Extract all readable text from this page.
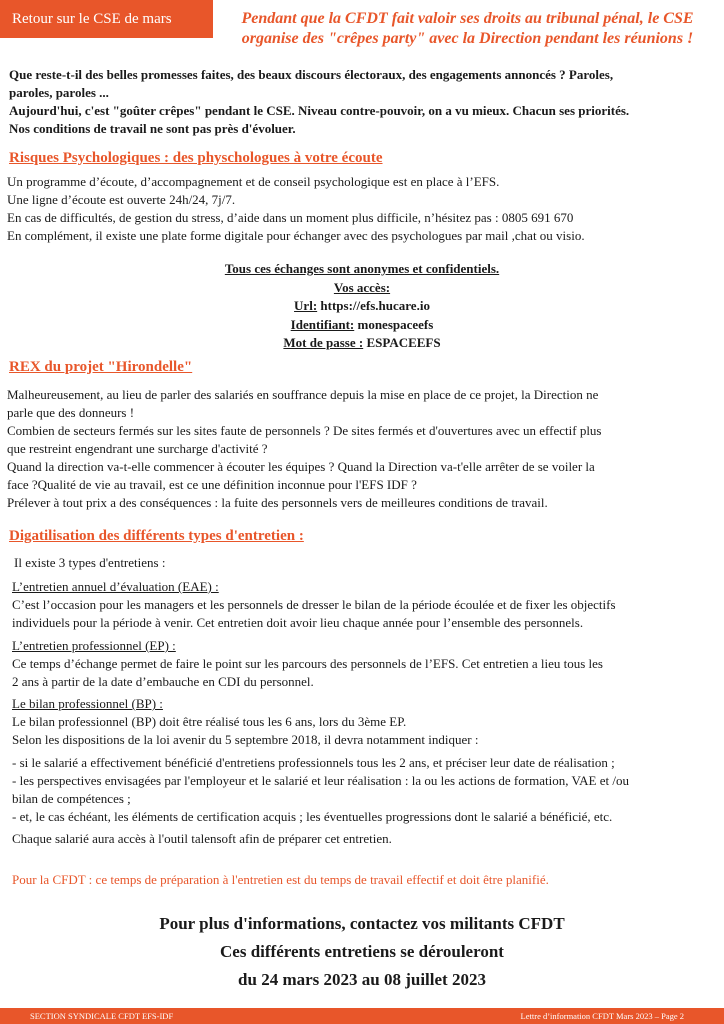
Retour sur le CSE de mars	Pendant que la CFDT fait valoir ses droits au tribunal pénal, le CSE
organise des "crêpes party" avec la Direction pendant les réunions !
Que reste-t-il des belles promesses faites, des beaux discours électoraux, des engagements annoncés ? Paroles,
paroles, paroles ...
Aujourd'hui, c'est "goûter crêpes" pendant le CSE. Niveau contre-pouvoir, on a vu mieux. Chacun ses priorités.
Nos conditions de travail ne sont pas près d'évoluer.
Risques Psychologiques : des physchologues à votre écoute
Un programme d’écoute, d’accompagnement et de conseil psychologique est en place à l’EFS.
Une ligne d’écoute est ouverte 24h/24, 7j/7.
En cas de difficultés, de gestion du stress, d’aide dans un moment plus difficile, n’hésitez pas : 0805 691 670
En complément, il existe une plate forme digitale pour échanger avec des psychologues par mail ,chat ou visio.
Tous ces échanges sont anonymes et confidentiels.
Vos accès:
Url: https://efs.hucare.io
Identifiant: monespaceefs
Mot de passe : ESPACEEFS
REX du projet "Hirondelle"
Malheureusement, au lieu de parler des salariés en souffrance depuis la mise en place de ce projet, la Direction ne
parle que des donneurs !
Combien de secteurs fermés sur les sites faute de personnels ? De sites fermés et d'ouvertures avec un effectif plus
que restreint engendrant une surcharge d'activité ?
Quand la direction va-t-elle commencer à écouter les équipes ? Quand la Direction va-t'elle arrêter de se voiler la
face ?Qualité de vie au travail, est ce une définition inconnue pour l'EFS IDF ?
Prélever à tout prix a des conséquences : la fuite des personnels vers de meilleures conditions de travail.
Digatilisation des différents types d'entretien :
Il existe 3 types d'entretiens :
L’entretien annuel d’évaluation (EAE) :
C’est l’occasion pour les managers et les personnels de dresser le bilan de la période écoulée et de fixer les objectifs
individuels pour la période à venir. Cet entretien doit avoir lieu chaque année pour l’ensemble des personnels.
L’entretien professionnel (EP) :
Ce temps d’échange permet de faire le point sur les parcours des personnels de l’EFS. Cet entretien a lieu tous les
2 ans à partir de la date d’embauche en CDI du personnel.
Le bilan professionnel (BP) :
Le bilan professionnel (BP) doit être réalisé tous les 6 ans, lors du 3ème EP.
Selon les dispositions de la loi avenir du 5 septembre 2018, il devra notamment indiquer :
- si le salarié a effectivement bénéficié d'entretiens professionnels tous les 2 ans, et préciser leur date de réalisation ;
- les perspectives envisagées par l'employeur et le salarié et leur réalisation : la ou les actions de formation, VAE et /ou
bilan de compétences ;
- et, le cas échéant, les éléments de certification acquis ; les éventuelles progressions dont le salarié a bénéficié, etc.
Chaque salarié aura accès à l'outil talensoft afin de préparer cet entretien.
Pour la CFDT : ce temps de préparation à l'entretien est du temps de travail effectif et doit être planifié.
Pour plus d'informations, contactez vos militants CFDT
Ces différents entretiens se dérouleront
du 24 mars 2023 au 08 juillet 2023
SECTION SYNDICALE CFDT EFS-IDF	Lettre d’information CFDT Mars 2023 – Page 2
